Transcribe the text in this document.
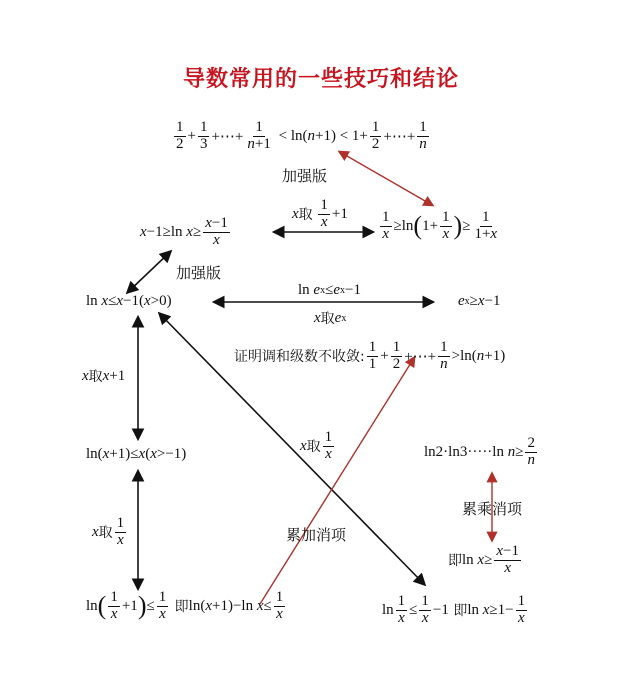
导数常用的一些技巧和结论
$\frac{1}{2} + \frac{1}{3}$ +⋯+ $\frac{1}{n+1} < \ln$( $n +1) < 1+ \frac{1}{2}$ +⋯+ $\frac{1}{n}$
加强版
x 取
$\frac{1}{x} +1$
x −1≥ln $x \ge \frac{x-1}{x}$	$\frac{1}{x} \ge\ln$ ( $1+ \frac{1}{x}$ ) ≥ $\frac{1}{1+x}$
加强版
ln x ≤ x −1( x >0)
ln e x ≤ e x −1
x 取 e x
e x ≥ x −1
证明调和级数不收敛: $\frac{1}{1} + \frac{1}{2}$ +⋯+ $\frac{1}{n} >\ln$( n +1)
x 取 x +1
x 取 $\frac{1}{x}$
ln( x +1)≤ x ( x >−1)	ln2·ln3·····ln $n \ge \frac{2}{n}$
累乘消项
x 取 $\frac{1}{x}$	累加消项
即 $\ln x \ge \frac{x-1}{x}$
ln ( $\frac{1}{x} +1$ ) ≤ $\frac{1}{x}$ 即 ln( x +1)−ln $x \le \frac{1}{x}$	$\ln \frac{1}{x} \le \frac{1}{x} -1$ 即 $\ln x \ge 1- \frac{1}{x}$
